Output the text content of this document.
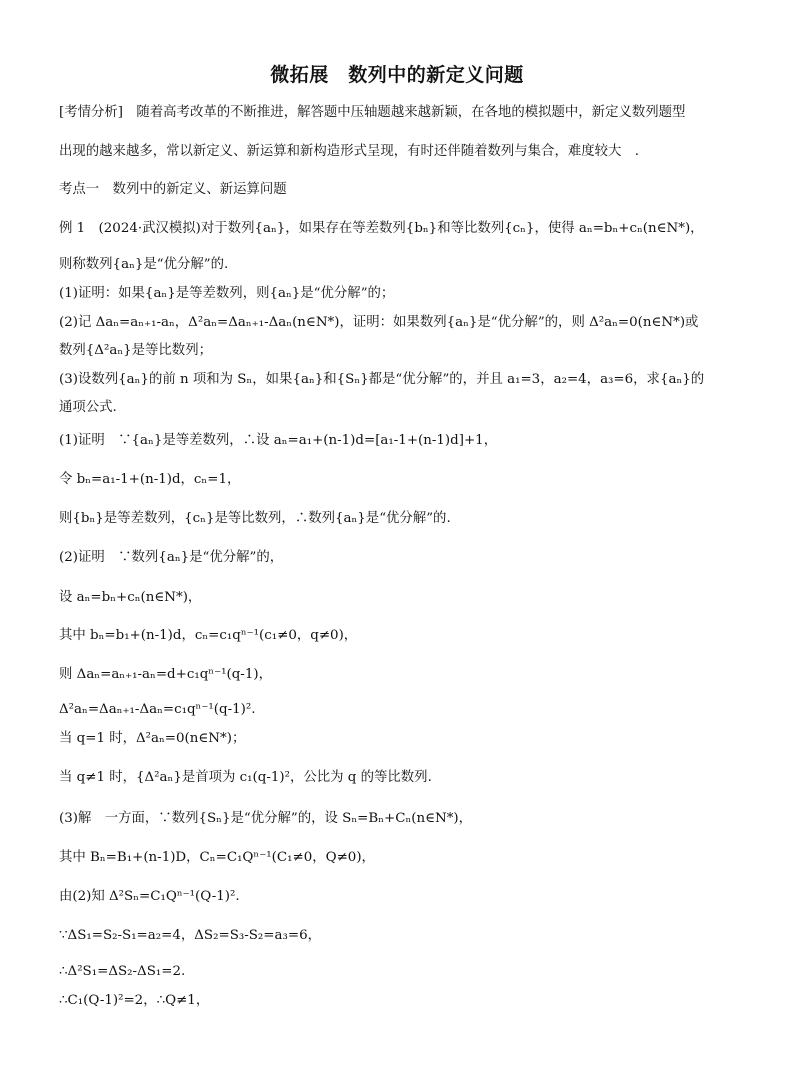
微拓展　数列中的新定义问题
[考情分析]　随着高考改革的不断推进，解答题中压轴题越来越新颖，在各地的模拟题中，新定义数列题型
出现的越来越多，常以新定义、新运算和新构造形式呈现，有时还伴随着数列与集合，难度较大　.
考点一　数列中的新定义、新运算问题
例 1　(2024·武汉模拟)对于数列{aₙ}，如果存在等差数列{bₙ}和等比数列{cₙ}，使得 aₙ=bₙ+cₙ(n∈N*)，
则称数列{aₙ}是“优分解”的.
(1)证明：如果{aₙ}是等差数列，则{aₙ}是“优分解”的；
(2)记 Δaₙ=aₙ₊₁-aₙ，Δ²aₙ=Δaₙ₊₁-Δaₙ(n∈N*)，证明：如果数列{aₙ}是“优分解”的，则 Δ²aₙ=0(n∈N*)或
数列{Δ²aₙ}是等比数列；
(3)设数列{aₙ}的前 n 项和为 Sₙ，如果{aₙ}和{Sₙ}都是“优分解”的，并且 a₁=3，a₂=4，a₃=6，求{aₙ}的
通项公式.
(1)证明　∵{aₙ}是等差数列，∴设 aₙ=a₁+(n-1)d=[a₁-1+(n-1)d]+1，
令 bₙ=a₁-1+(n-1)d，cₙ=1，
则{bₙ}是等差数列，{cₙ}是等比数列，∴数列{aₙ}是“优分解”的.
(2)证明　∵数列{aₙ}是“优分解”的，
设 aₙ=bₙ+cₙ(n∈N*)，
其中 bₙ=b₁+(n-1)d，cₙ=c₁qⁿ⁻¹(c₁≠0，q≠0)，
则 Δaₙ=aₙ₊₁-aₙ=d+c₁qⁿ⁻¹(q-1)，
Δ²aₙ=Δaₙ₊₁-Δaₙ=c₁qⁿ⁻¹(q-1)².
当 q=1 时，Δ²aₙ=0(n∈N*)；
当 q≠1 时，{Δ²aₙ}是首项为 c₁(q-1)²，公比为 q 的等比数列.
(3)解　一方面，∵数列{Sₙ}是“优分解”的，设 Sₙ=Bₙ+Cₙ(n∈N*)，
其中 Bₙ=B₁+(n-1)D，Cₙ=C₁Qⁿ⁻¹(C₁≠0，Q≠0)，
由(2)知 Δ²Sₙ=C₁Qⁿ⁻¹(Q-1)².
∵ΔS₁=S₂-S₁=a₂=4，ΔS₂=S₃-S₂=a₃=6，
∴Δ²S₁=ΔS₂-ΔS₁=2.
∴C₁(Q-1)²=2，∴Q≠1，
